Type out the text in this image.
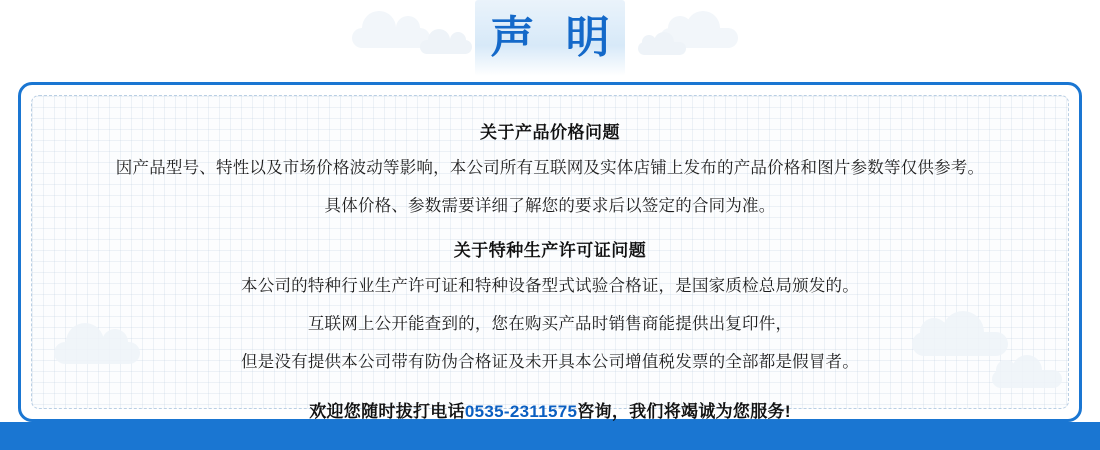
声 明
关于产品价格问题

因产品型号、特性以及市场价格波动等影响，本公司所有互联网及实体店铺上发布的产品价格和图片参数等仅供参考。

具体价格、参数需要详细了解您的要求后以签定的合同为准。

关于特种生产许可证问题

本公司的特种行业生产许可证和特种设备型式试验合格证，是国家质检总局颁发的。

互联网上公开能查到的，您在购买产品时销售商能提供出复印件，

但是没有提供本公司带有防伪合格证及未开具本公司增值税发票的全部都是假冒者。

欢迎您随时拔打电话0535-2311575咨询，我们将竭诚为您服务!
